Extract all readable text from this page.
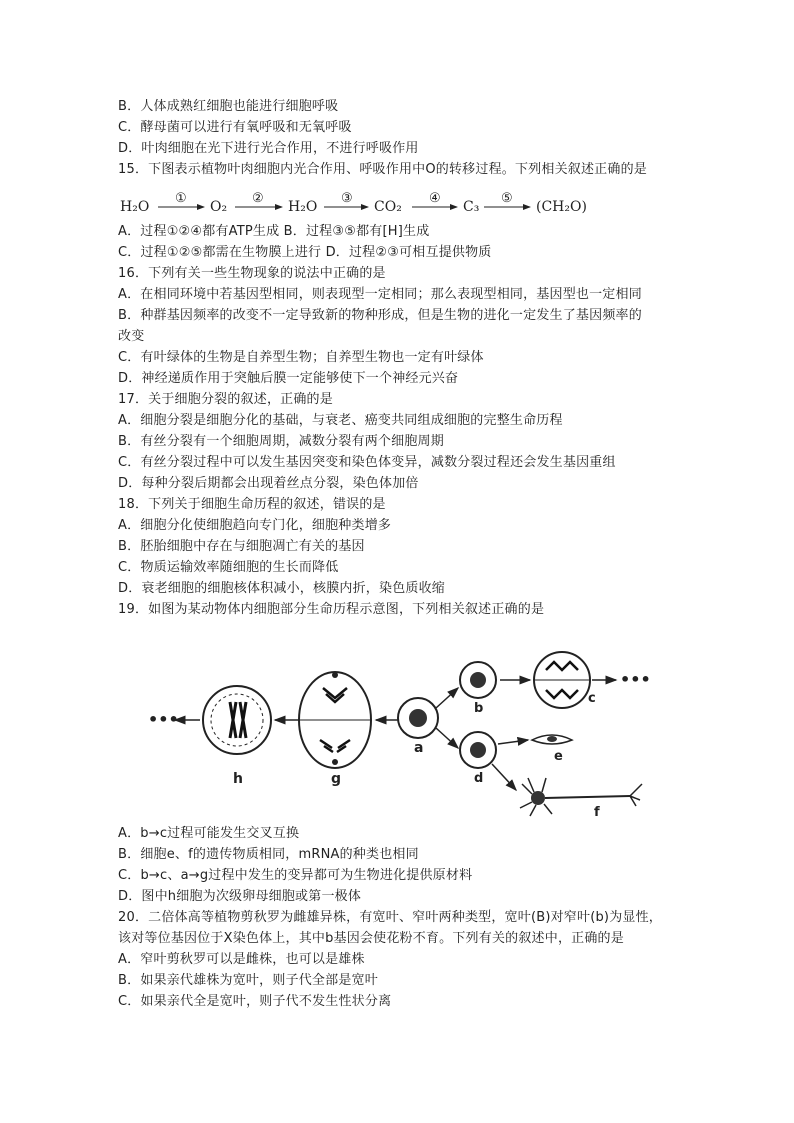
B．人体成熟红细胞也能进行细胞呼吸
C．酵母菌可以进行有氧呼吸和无氧呼吸
D．叶肉细胞在光下进行光合作用，不进行呼吸作用
15．下图表示植物叶肉细胞内光合作用、呼吸作用中O的转移过程。下列相关叙述正确的是
H₂O
①
O₂
②
H₂O
③
CO₂
④
C₃
⑤
(CH₂O)
A．过程①②④都有ATP生成 B．过程③⑤都有[H]生成
C．过程①②⑤都需在生物膜上进行 D．过程②③可相互提供物质
16．下列有关一些生物现象的说法中正确的是
A．在相同环境中若基因型相同，则表现型一定相同；那么表现型相同，基因型也一定相同
B．种群基因频率的改变不一定导致新的物种形成，但是生物的进化一定发生了基因频率的
改变
C．有叶绿体的生物是自养型生物；自养型生物也一定有叶绿体
D．神经递质作用于突触后膜一定能够使下一个神经元兴奋
17．关于细胞分裂的叙述，正确的是
A．细胞分裂是细胞分化的基础，与衰老、癌变共同组成细胞的完整生命历程
B．有丝分裂有一个细胞周期，减数分裂有两个细胞周期
C．有丝分裂过程中可以发生基因突变和染色体变异，减数分裂过程还会发生基因重组
D．每种分裂后期都会出现着丝点分裂，染色体加倍
18．下列关于细胞生命历程的叙述，错误的是
A．细胞分化使细胞趋向专门化，细胞种类增多
B．胚胎细胞中存在与细胞凋亡有关的基因
C．物质运输效率随细胞的生长而降低
D．衰老细胞的细胞核体积减小，核膜内折，染色质收缩
19．如图为某动物体内细胞部分生命历程示意图，下列相关叙述正确的是
•••
h	g
a
b
c
•••
d
e
f
A．b→c过程可能发生交叉互换
B．细胞e、f的遗传物质相同，mRNA的种类也相同
C．b→c、a→g过程中发生的变异都可为生物进化提供原材料
D．图中h细胞为次级卵母细胞或第一极体
20．二倍体高等植物剪秋罗为雌雄异株，有宽叶、窄叶两种类型，宽叶(B)对窄叶(b)为显性，
该对等位基因位于X染色体上，其中b基因会使花粉不育。下列有关的叙述中，正确的是
A．窄叶剪秋罗可以是雌株，也可以是雄株
B．如果亲代雄株为宽叶，则子代全部是宽叶
C．如果亲代全是宽叶，则子代不发生性状分离
